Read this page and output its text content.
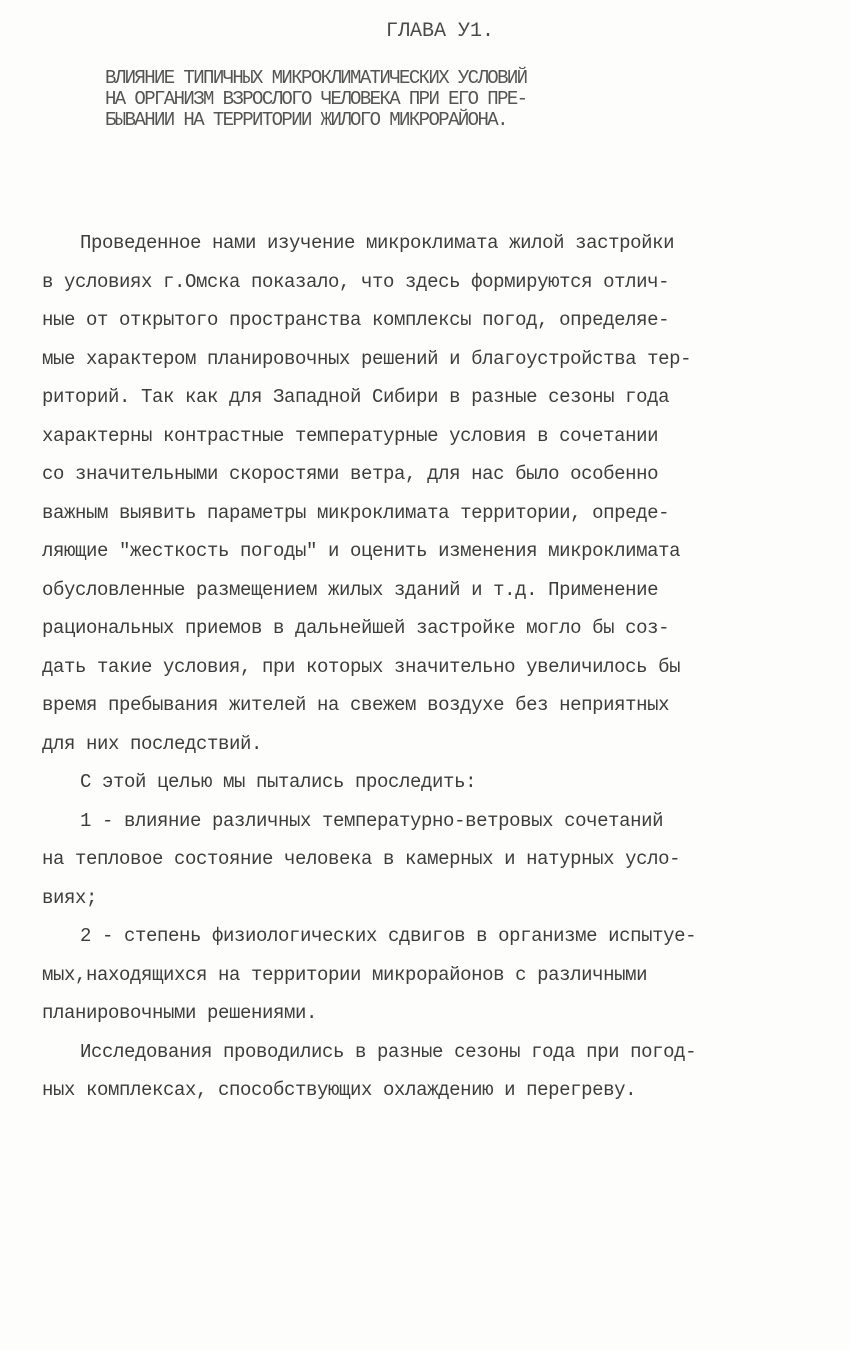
ГЛАВА У1.
ВЛИЯНИЕ ТИПИЧНЫХ МИКРОКЛИМАТИЧЕСКИХ УСЛОВИЙ
НА ОРГАНИЗМ ВЗРОСЛОГО ЧЕЛОВЕКА ПРИ ЕГО ПРЕ-
БЫВАНИИ НА ТЕРРИТОРИИ ЖИЛОГО МИКРОРАЙОНА.
Проведенное нами изучение микроклимата жилой застройки
в условиях г.Омска показало, что здесь формируются отлич-
ные от открытого пространства комплексы погод, определяе-
мые характером планировочных решений и благоустройства тер-
риторий. Так как для Западной Сибири в разные сезоны года
характерны контрастные температурные условия в сочетании
со значительными скоростями ветра, для нас было особенно
важным выявить параметры микроклимата территории, опреде-
ляющие "жесткость погоды" и оценить изменения микроклимата
обусловленные размещением жилых зданий и т.д. Применение
рациональных приемов в дальнейшей застройке могло бы соз-
дать такие условия, при которых значительно увеличилось бы
время пребывания жителей на свежем воздухе без неприятных
для них последствий.
С этой целью мы пытались проследить:
1 - влияние различных температурно-ветровых сочетаний
на тепловое состояние человека в камерных и натурных усло-
виях;
2 - степень физиологических сдвигов в организме испытуе-
мых,находящихся на территории микрорайонов с различными
планировочными решениями.
Исследования проводились в разные сезоны года при погод-
ных комплексах, способствующих охлаждению и перегреву.
